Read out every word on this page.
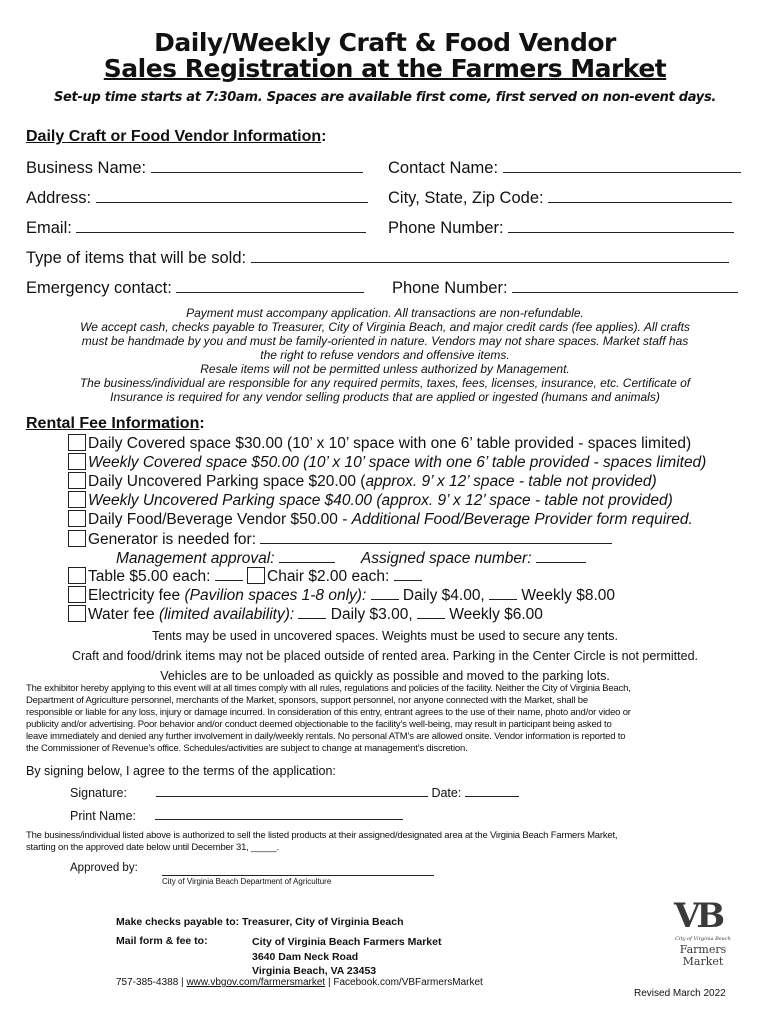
Daily/Weekly Craft & Food Vendor
Sales Registration at the Farmers Market
Set-up time starts at 7:30am. Spaces are available first come, first served on non-event days.
Daily Craft or Food Vendor Information:
Business Name:	Contact Name:
Address:	City, State, Zip Code:
Email:	Phone Number:
Type of items that will be sold:
Emergency contact:	Phone Number:
Payment must accompany application. All transactions are non-refundable.
We accept cash, checks payable to Treasurer, City of Virginia Beach, and major credit cards (fee applies). All crafts
must be handmade by you and must be family-oriented in nature. Vendors may not share spaces. Market staff has
the right to refuse vendors and offensive items.
Resale items will not be permitted unless authorized by Management.
The business/individual are responsible for any required permits, taxes, fees, licenses, insurance, etc. Certificate of
Insurance is required for any vendor selling products that are applied or ingested (humans and animals)
Rental Fee Information:
Daily Covered space $30.00 (10’ x 10’ space with one 6’ table provided - spaces limited)
Weekly Covered space $50.00 (10’ x 10’ space with one 6’ table provided - spaces limited)
Daily Uncovered Parking space $20.00 (approx. 9’ x 12’ space - table not provided)
Weekly Uncovered Parking space $40.00 (approx. 9’ x 12’ space - table not provided)
Daily Food/Beverage Vendor $50.00 - Additional Food/Beverage Provider form required.
Generator is needed for:
Management approval:	Assigned space number:
Table $5.00 each:	Chair $2.00 each:
Electricity fee (Pavilion spaces 1-8 only): Daily $4.00, Weekly $8.00
Water fee (limited availability): Daily $3.00, Weekly $6.00
Tents may be used in uncovered spaces. Weights must be used to secure any tents.
Craft and food/drink items may not be placed outside of rented area. Parking in the Center Circle is not permitted.
Vehicles are to be unloaded as quickly as possible and moved to the parking lots.
The exhibitor hereby applying to this event will at all times comply with all rules, regulations and policies of the facility. Neither the City of Virginia Beach,
Department of Agriculture personnel, merchants of the Market, sponsors, support personnel, nor anyone connected with the Market, shall be
responsible or liable for any loss, injury or damage incurred. In consideration of this entry, entrant agrees to the use of their name, photo and/or video or
publicity and/or advertising. Poor behavior and/or conduct deemed objectionable to the facility’s well-being, may result in participant being asked to
leave immediately and denied any further involvement in daily/weekly rentals. No personal ATM’s are allowed onsite. Vendor information is reported to
the Commissioner of Revenue’s office. Schedules/activities are subject to change at management’s discretion.
By signing below, I agree to the terms of the application:
Signature:	Date:
Print Name:
The business/individual listed above is authorized to sell the listed products at their assigned/designated area at the Virginia Beach Farmers Market,
starting on the approved date below until December 31, _____.
Approved by:
City of Virginia Beach Department of Agriculture
Make checks payable to: Treasurer, City of Virginia Beach
Mail form & fee to:	City of Virginia Beach Farmers Market
3640 Dam Neck Road
Virginia Beach, VA 23453
757-385-4388 | www.vbgov.com/farmersmarket | Facebook.com/VBFarmersMarket
Revised March 2022
VB
City of Virginia Beach
Farmers
Market
